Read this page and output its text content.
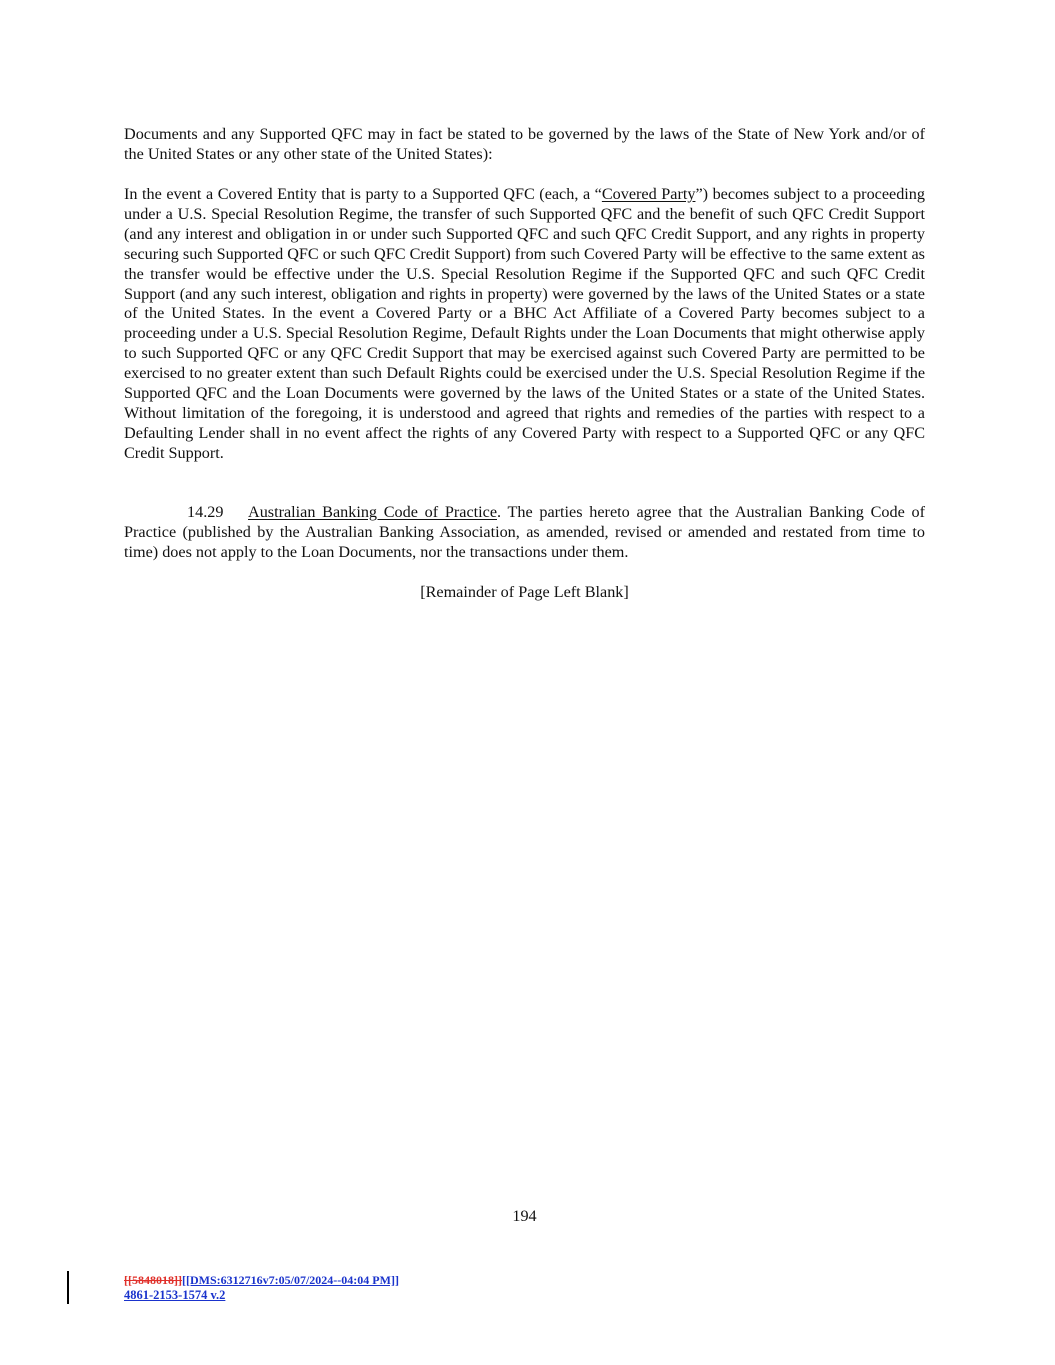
Documents and any Supported QFC may in fact be stated to be governed by the laws of the State of New York and/or of the United States or any other state of the United States):

In the event a Covered Entity that is party to a Supported QFC (each, a “Covered Party”) becomes subject to a proceeding under a U.S. Special Resolution Regime, the transfer of such Supported QFC and the benefit of such QFC Credit Support (and any interest and obligation in or under such Supported QFC and such QFC Credit Support, and any rights in property securing such Supported QFC or such QFC Credit Support) from such Covered Party will be effective to the same extent as the transfer would be effective under the U.S. Special Resolution Regime if the Supported QFC and such QFC Credit Support (and any such interest, obligation and rights in property) were governed by the laws of the United States or a state of the United States. In the event a Covered Party or a BHC Act Affiliate of a Covered Party becomes subject to a proceeding under a U.S. Special Resolution Regime, Default Rights under the Loan Documents that might otherwise apply to such Supported QFC or any QFC Credit Support that may be exercised against such Covered Party are permitted to be exercised to no greater extent than such Default Rights could be exercised under the U.S. Special Resolution Regime if the Supported QFC and the Loan Documents were governed by the laws of the United States or a state of the United States. Without limitation of the foregoing, it is understood and agreed that rights and remedies of the parties with respect to a Defaulting Lender shall in no event affect the rights of any Covered Party with respect to a Supported QFC or any QFC Credit Support.

14.29 Australian Banking Code of Practice. The parties hereto agree that the Australian Banking Code of Practice (published by the Australian Banking Association, as amended, revised or amended and restated from time to time) does not apply to the Loan Documents, nor the transactions under them.

[Remainder of Page Left Blank]

194

[[5848018]][[DMS:6312716v7:05/07/2024--04:04 PM]]
4861-2153-1574 v.2
